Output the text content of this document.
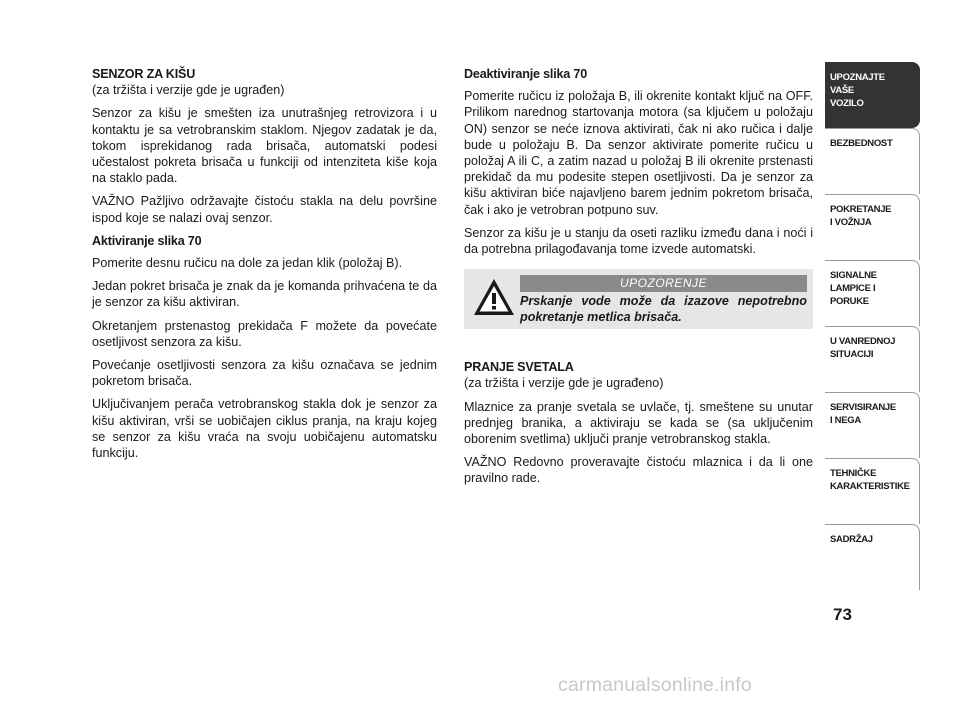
SENZOR ZA KIŠU

(za tržišta i verzije gde je ugrađen)

Senzor za kišu je smešten iza unutrašnjeg retrovizora i u kontaktu je sa vetrobranskim staklom. Njegov zadatak je da, tokom isprekidanog rada brisača, automatski podesi učestalost pokreta brisača u funkciji od intenziteta kiše koja na staklo pada.

VAŽNO Pažljivo održavajte čistoću stakla na delu površine ispod koje se nalazi ovaj senzor.

Aktiviranje slika 70

Pomerite desnu ručicu na dole za jedan klik (položaj B).

Jedan pokret brisača je znak da je komanda prihvaćena te da je senzor za kišu aktiviran.

Okretanjem prstenastog prekidača F možete da povećate osetljivost senzora za kišu.

Povećanje osetljivosti senzora za kišu označava se jednim pokretom brisača.

Uključivanjem perača vetrobranskog stakla dok je senzor za kišu aktiviran, vrši se uobičajen ciklus pranja, na kraju kojeg se senzor za kišu vraća na svoju uobičajenu automatsku funkciju.

Deaktiviranje slika 70

Pomerite ručicu iz položaja B, ili okrenite kontakt ključ na OFF. Prilikom narednog startovanja motora (sa ključem u položaju ON) senzor se neće iznova aktivirati, čak ni ako ručica i dalje bude u položaju B. Da senzor aktivirate pomerite ručicu u položaj A ili C, a zatim nazad u položaj B ili okrenite prstenasti prekidač da mu podesite stepen osetljivosti. Da je senzor za kišu aktiviran biće najavljeno barem jednim pokretom brisača, čak i ako je vetrobran potpuno suv.

Senzor za kišu je u stanju da oseti razliku između dana i noći i da potrebna prilagođavanja tome izvede automatski.

UPOZORENJE
Prskanje vode može da izazove nepotrebno pokretanje metlica brisača.
PRANJE SVETALA

(za tržišta i verzije gde je ugrađeno)

Mlaznice za pranje svetala se uvlače, tj. smeštene su unutar prednjeg branika, a aktiviraju se kada se (sa uključenim oborenim svetlima) uključi pranje vetrobranskog stakla.

VAŽNO Redovno proveravajte čistoću mlaznica i da li one pravilno rade.

UPOZNAJTE
VAŠE
VOZILO
BEZBEDNOST
POKRETANJE
I VOŽNJA
SIGNALNE
LAMPICE I PORUKE
U VANREDNOJ
SITUACIJI
SERVISIRANJE
I NEGA
TEHNIČKE
KARAKTERISTIKE
SADRŽAJ
73
carmanualsonline.info
